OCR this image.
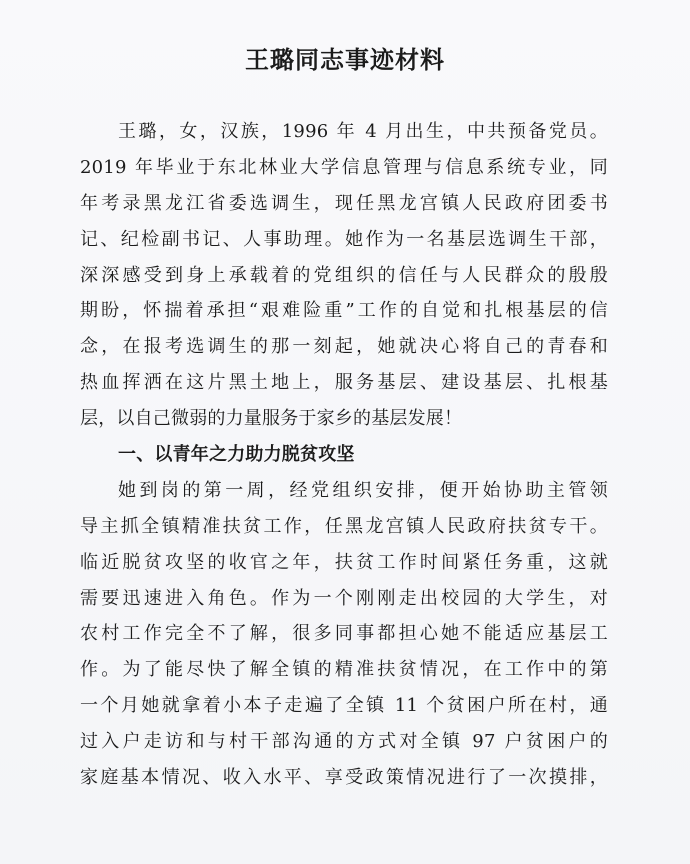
王璐同志事迹材料
王璐，女，汉族，1996 年 4 月出生，中共预备党员。
2019 年毕业于东北林业大学信息管理与信息系统专业，同
年考录黑龙江省委选调生，现任黑龙宫镇人民政府团委书
记、纪检副书记、人事助理。她作为一名基层选调生干部，
深深感受到身上承载着的党组织的信任与人民群众的殷殷
期盼，怀揣着承担“艰难险重”工作的自觉和扎根基层的信
念，在报考选调生的那一刻起，她就决心将自己的青春和
热血挥洒在这片黑土地上，服务基层、建设基层、扎根基
层，以自己微弱的力量服务于家乡的基层发展！
一、以青年之力助力脱贫攻坚
她到岗的第一周，经党组织安排，便开始协助主管领
导主抓全镇精准扶贫工作，任黑龙宫镇人民政府扶贫专干。
临近脱贫攻坚的收官之年，扶贫工作时间紧任务重，这就
需要迅速进入角色。作为一个刚刚走出校园的大学生，对
农村工作完全不了解，很多同事都担心她不能适应基层工
作。为了能尽快了解全镇的精准扶贫情况，在工作中的第
一个月她就拿着小本子走遍了全镇 11 个贫困户所在村，通
过入户走访和与村干部沟通的方式对全镇 97 户贫困户的
家庭基本情况、收入水平、享受政策情况进行了一次摸排，
